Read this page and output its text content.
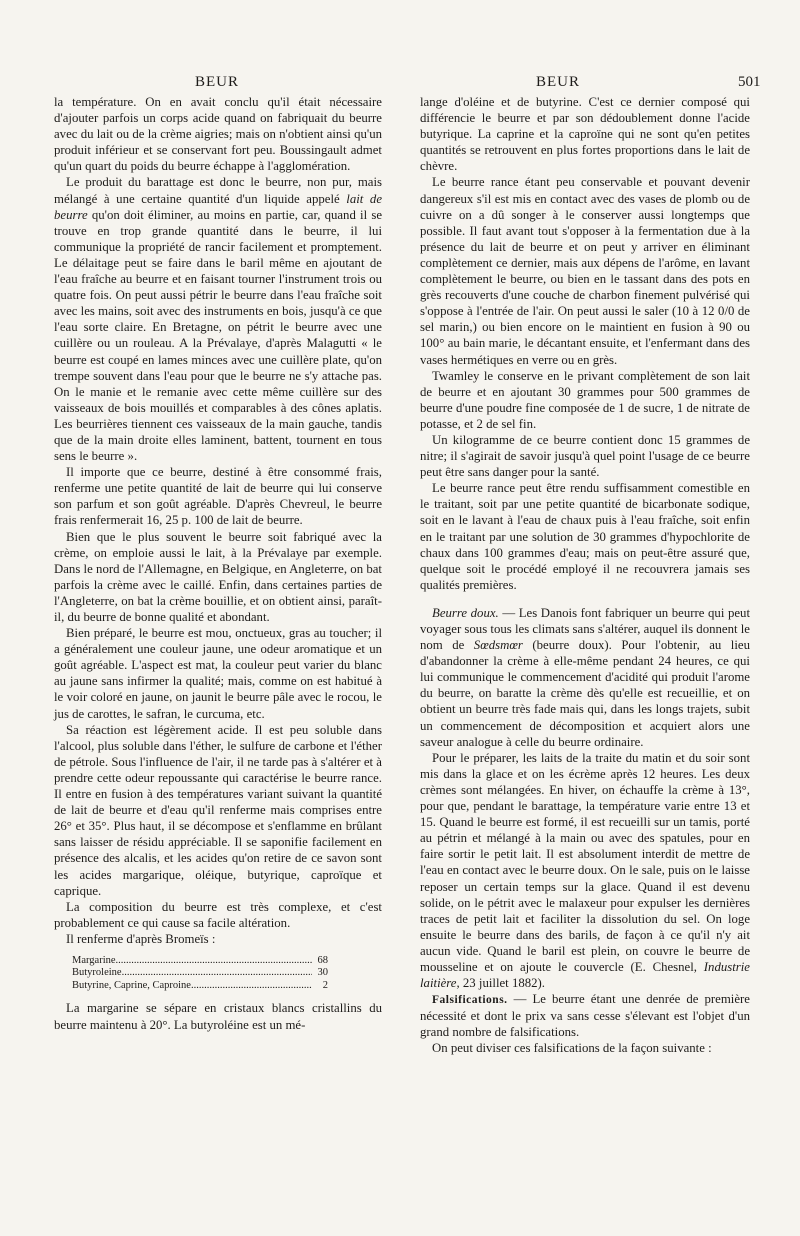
BEUR	BEUR	501

la température. On en avait conclu qu'il était nécessaire d'ajouter parfois un corps acide quand on fabriquait du beurre avec du lait ou de la crème aigries; mais on n'obtient ainsi qu'un produit inférieur et se conservant fort peu. Boussingault admet qu'un quart du poids du beurre échappe à l'agglomération.

Le produit du barattage est donc le beurre, non pur, mais mélangé à une certaine quantité d'un liquide appelé lait de beurre qu'on doit éliminer, au moins en partie, car, quand il se trouve en trop grande quantité dans le beurre, il lui communique la propriété de rancir facilement et promptement. Le délaitage peut se faire dans le baril même en ajoutant de l'eau fraîche au beurre et en faisant tourner l'instrument trois ou quatre fois. On peut aussi pétrir le beurre dans l'eau fraîche soit avec les mains, soit avec des instruments en bois, jusqu'à ce que l'eau sorte claire. En Bretagne, on pétrit le beurre avec une cuillère ou un rouleau. A la Prévalaye, d'après Malagutti « le beurre est coupé en lames minces avec une cuillère plate, qu'on trempe souvent dans l'eau pour que le beurre ne s'y attache pas. On le manie et le remanie avec cette même cuillère sur des vaisseaux de bois mouillés et comparables à des cônes aplatis. Les beurrières tiennent ces vaisseaux de la main gauche, tandis que de la main droite elles laminent, battent, tournent en tous sens le beurre ».

Il importe que ce beurre, destiné à être consommé frais, renferme une petite quantité de lait de beurre qui lui conserve son parfum et son goût agréable. D'après Chevreul, le beurre frais renfermerait 16, 25 p. 100 de lait de beurre.

Bien que le plus souvent le beurre soit fabriqué avec la crème, on emploie aussi le lait, à la Prévalaye par exemple. Dans le nord de l'Allemagne, en Belgique, en Angleterre, on bat parfois la crème avec le caillé. Enfin, dans certaines parties de l'Angleterre, on bat la crème bouillie, et on obtient ainsi, paraît-il, du beurre de bonne qualité et abondant.

Bien préparé, le beurre est mou, onctueux, gras au toucher; il a généralement une couleur jaune, une odeur aromatique et un goût agréable. L'aspect est mat, la couleur peut varier du blanc au jaune sans infirmer la qualité; mais, comme on est habitué à le voir coloré en jaune, on jaunit le beurre pâle avec le rocou, le jus de carottes, le safran, le curcuma, etc.

Sa réaction est légèrement acide. Il est peu soluble dans l'alcool, plus soluble dans l'éther, le sulfure de carbone et l'éther de pétrole. Sous l'influence de l'air, il ne tarde pas à s'altérer et à prendre cette odeur repoussante qui caractérise le beurre rance. Il entre en fusion à des températures variant suivant la quantité de lait de beurre et d'eau qu'il renferme mais comprises entre 26° et 35°. Plus haut, il se décompose et s'enflamme en brûlant sans laisser de résidu appréciable. Il se saponifie facilement en présence des alcalis, et les acides qu'on retire de ce savon sont les acides margarique, oléique, butyrique, caproïque et caprique.

La composition du beurre est très complexe, et c'est probablement ce qui cause sa facile altération.

Il renferme d'après Bromeïs :

Margarine .....	68
Butyroleine .....	30
Butyrine, Caprine, Caproine .....	2

La margarine se sépare en cristaux blancs cristallins du beurre maintenu à 20°. La butyroléine est un mé-

lange d'oléine et de butyrine. C'est ce dernier composé qui différencie le beurre et par son dédoublement donne l'acide butyrique. La caprine et la caproïne qui ne sont qu'en petites quantités se retrouvent en plus fortes proportions dans le lait de chèvre.

Le beurre rance étant peu conservable et pouvant devenir dangereux s'il est mis en contact avec des vases de plomb ou de cuivre on a dû songer à le conserver aussi longtemps que possible. Il faut avant tout s'opposer à la fermentation due à la présence du lait de beurre et on peut y arriver en éliminant complètement ce dernier, mais aux dépens de l'arôme, en lavant complètement le beurre, ou bien en le tassant dans des pots en grès recouverts d'une couche de charbon finement pulvérisé qui s'oppose à l'entrée de l'air. On peut aussi le saler (10 à 12 0/0 de sel marin,) ou bien encore on le maintient en fusion à 90 ou 100° au bain marie, le décantant ensuite, et l'enfermant dans des vases hermétiques en verre ou en grès.

Twamley le conserve en le privant complètement de son lait de beurre et en ajoutant 30 grammes pour 500 grammes de beurre d'une poudre fine composée de 1 de sucre, 1 de nitrate de potasse, et 2 de sel fin.

Un kilogramme de ce beurre contient donc 15 grammes de nitre; il s'agirait de savoir jusqu'à quel point l'usage de ce beurre peut être sans danger pour la santé.

Le beurre rance peut être rendu suffisamment comestible en le traitant, soit par une petite quantité de bicarbonate sodique, soit en le lavant à l'eau de chaux puis à l'eau fraîche, soit enfin en le traitant par une solution de 30 grammes d'hypochlorite de chaux dans 100 grammes d'eau; mais on peut-être assuré que, quelque soit le procédé employé il ne recouvrera jamais ses qualités premières.

Beurre doux. — Les Danois font fabriquer un beurre qui peut voyager sous tous les climats sans s'altérer, auquel ils donnent le nom de Sœdsmœr (beurre doux). Pour l'obtenir, au lieu d'abandonner la crème à elle-même pendant 24 heures, ce qui lui communique le commencement d'acidité qui produit l'arome du beurre, on baratte la crème dès qu'elle est recueillie, et on obtient un beurre très fade mais qui, dans les longs trajets, subit un commencement de décomposition et acquiert alors une saveur analogue à celle du beurre ordinaire.

Pour le préparer, les laits de la traite du matin et du soir sont mis dans la glace et on les écrème après 12 heures. Les deux crèmes sont mélangées. En hiver, on échauffe la crème à 13°, pour que, pendant le barattage, la température varie entre 13 et 15. Quand le beurre est formé, il est recueilli sur un tamis, porté au pétrin et mélangé à la main ou avec des spatules, pour en faire sortir le petit lait. Il est absolument interdit de mettre de l'eau en contact avec le beurre doux. On le sale, puis on le laisse reposer un certain temps sur la glace. Quand il est devenu solide, on le pétrit avec le malaxeur pour expulser les dernières traces de petit lait et faciliter la dissolution du sel. On loge ensuite le beurre dans des barils, de façon à ce qu'il n'y ait aucun vide. Quand le baril est plein, on couvre le beurre de mousseline et on ajoute le couvercle (E. Chesnel, Industrie laitière, 23 juillet 1882).

Falsifications. — Le beurre étant une denrée de première nécessité et dont le prix va sans cesse s'élevant est l'objet d'un grand nombre de falsifications.

On peut diviser ces falsifications de la façon suivante :
